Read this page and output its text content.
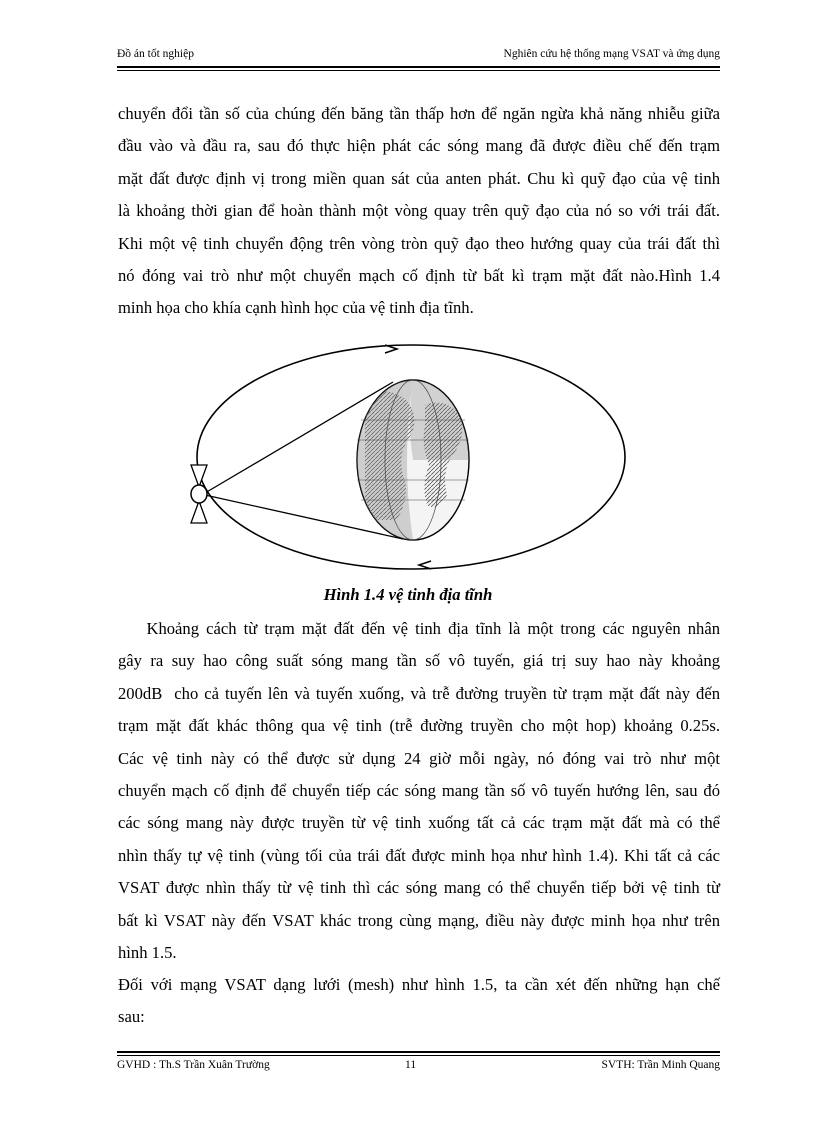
Đồ án tốt nghiệp	Nghiên cứu hệ thống mạng VSAT và ứng dụng
chuyển đổi tần số của chúng đến băng tần thấp hơn để ngăn ngừa khả năng nhiễu giữa
đầu vào và đầu ra, sau đó thực hiện phát các sóng mang đã được điều chế đến trạm
mặt đất được định vị trong miền quan sát của anten phát. Chu kì quỹ đạo của vệ tinh
là khoảng thời gian để hoàn thành một vòng quay trên quỹ đạo của nó so với trái đất.
Khi một vệ tinh chuyển động trên vòng tròn quỹ đạo theo hướng quay của trái đất thì
nó đóng vai trò như một chuyển mạch cố định từ bất kì trạm mặt đất nào.Hình 1.4
minh họa cho khía cạnh hình học của vệ tinh địa tĩnh.
Hình 1.4 vệ tinh địa tĩnh
Khoảng cách từ trạm mặt đất đến vệ tinh địa tĩnh là một trong các nguyên nhân
gây ra suy hao công suất sóng mang tần số vô tuyến, giá trị suy hao này khoảng
200dB  cho cả tuyến lên và tuyến xuống, và trễ đường truyền từ trạm mặt đất này đến
trạm mặt đất khác thông qua vệ tinh (trễ đường truyền cho một hop) khoảng 0.25s.
Các vệ tinh này có thể được sử dụng 24 giờ mỗi ngày, nó đóng vai trò như một
chuyển mạch cố định để chuyển tiếp các sóng mang tần số vô tuyến hướng lên, sau đó
các sóng mang này được truyền từ vệ tinh xuống tất cả các trạm mặt đất mà có thể
nhìn thấy tự vệ tinh (vùng tối của trái đất được minh họa như hình 1.4). Khi tất cả các
VSAT được nhìn thấy từ vệ tinh thì các sóng mang có thể chuyển tiếp bởi vệ tinh từ
bất kì VSAT này đến VSAT khác trong cùng mạng, điều này được minh họa như trên
hình 1.5.
Đối với mạng VSAT dạng lưới (mesh) như hình 1.5, ta cần xét đến những hạn chế
sau:
GVHD : Th.S Trần Xuân Trường	11	SVTH: Trần Minh Quang
